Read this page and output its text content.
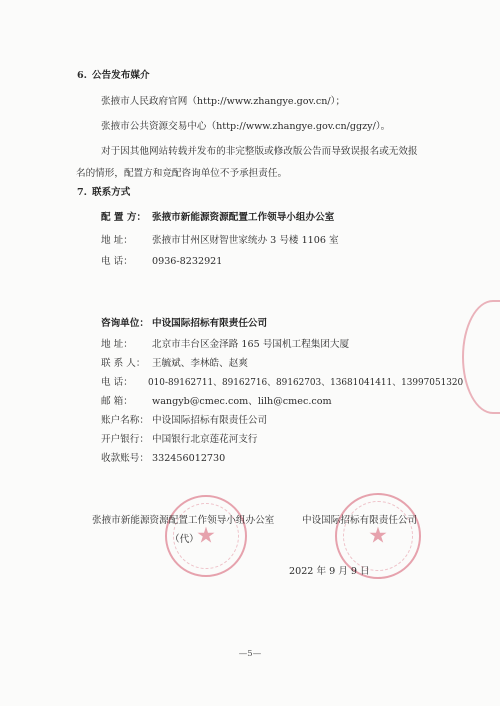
6. 公告发布媒介
张掖市人民政府官网（http://www.zhangye.gov.cn/）；
张掖市公共资源交易中心（http://www.zhangye.gov.cn/ggzy/）。
对于因其他网站转载并发布的非完整版或修改版公告而导致误报名或无效报
名的情形，配置方和竞配咨询单位不予承担责任。
7. 联系方式
配 置 方： 张掖市新能源资源配置工作领导小组办公室
地 址： 张掖市甘州区财智世家统办 3 号楼 1106 室
电 话： 0936-8232921
咨询单位： 中设国际招标有限责任公司
地 址： 北京市丰台区金泽路 165 号国机工程集团大厦
联 系 人： 王毓斌、李林皓、赵爽
电 话： 010-89162711、89162716、89162703、13681041411、13997051320
邮 箱： wangyb@cmec.com、lilh@cmec.com
账户名称： 中设国际招标有限责任公司
开户银行： 中国银行北京莲花河支行
收款账号： 332456012730
★	★
张掖市新能源资源配置工作领导小组办公室
（代）
中设国际招标有限责任公司
2022 年 9 月 9 日
—5—
